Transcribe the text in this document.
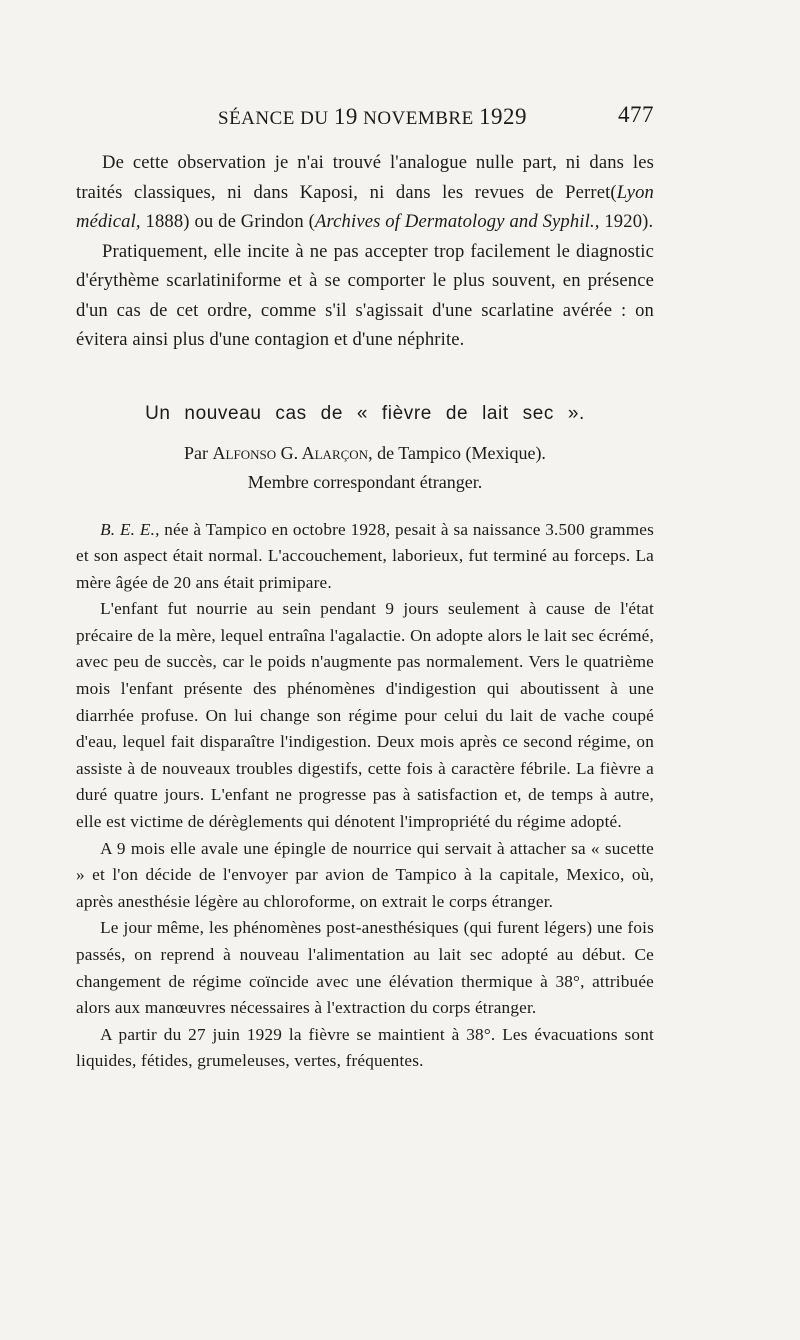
SÉANCE DU 19 NOVEMBRE 1929	477

De cette observation je n'ai trouvé l'analogue nulle part, ni dans les traités classiques, ni dans Kaposi, ni dans les revues de Perret(Lyon médical, 1888) ou de Grindon (Archives of Dermatology and Syphil., 1920).

Pratiquement, elle incite à ne pas accepter trop facilement le diagnostic d'érythème scarlatiniforme et à se comporter le plus souvent, en présence d'un cas de cet ordre, comme s'il s'agissait d'une scarlatine avérée : on évitera ainsi plus d'une contagion et d'une néphrite.

Un nouveau cas de « fièvre de lait sec ».
Par Alfonso G. Alarçon, de Tampico (Mexique).
Membre correspondant étranger.

B. E. E., née à Tampico en octobre 1928, pesait à sa naissance 3.500 grammes et son aspect était normal. L'accouchement, laborieux, fut terminé au forceps. La mère âgée de 20 ans était primipare.

L'enfant fut nourrie au sein pendant 9 jours seulement à cause de l'état précaire de la mère, lequel entraîna l'agalactie. On adopte alors le lait sec écrémé, avec peu de succès, car le poids n'augmente pas normalement. Vers le quatrième mois l'enfant présente des phénomènes d'indigestion qui aboutissent à une diarrhée profuse. On lui change son régime pour celui du lait de vache coupé d'eau, lequel fait disparaître l'indigestion. Deux mois après ce second régime, on assiste à de nouveaux troubles digestifs, cette fois à caractère fébrile. La fièvre a duré quatre jours. L'enfant ne progresse pas à satisfaction et, de temps à autre, elle est victime de dérèglements qui dénotent l'impropriété du régime adopté.

A 9 mois elle avale une épingle de nourrice qui servait à attacher sa « sucette » et l'on décide de l'envoyer par avion de Tampico à la capitale, Mexico, où, après anesthésie légère au chloroforme, on extrait le corps étranger.

Le jour même, les phénomènes post-anesthésiques (qui furent légers) une fois passés, on reprend à nouveau l'alimentation au lait sec adopté au début. Ce changement de régime coïncide avec une élévation thermique à 38°, attribuée alors aux manœuvres nécessaires à l'extraction du corps étranger.

A partir du 27 juin 1929 la fièvre se maintient à 38°. Les évacuations sont liquides, fétides, grumeleuses, vertes, fréquentes.
